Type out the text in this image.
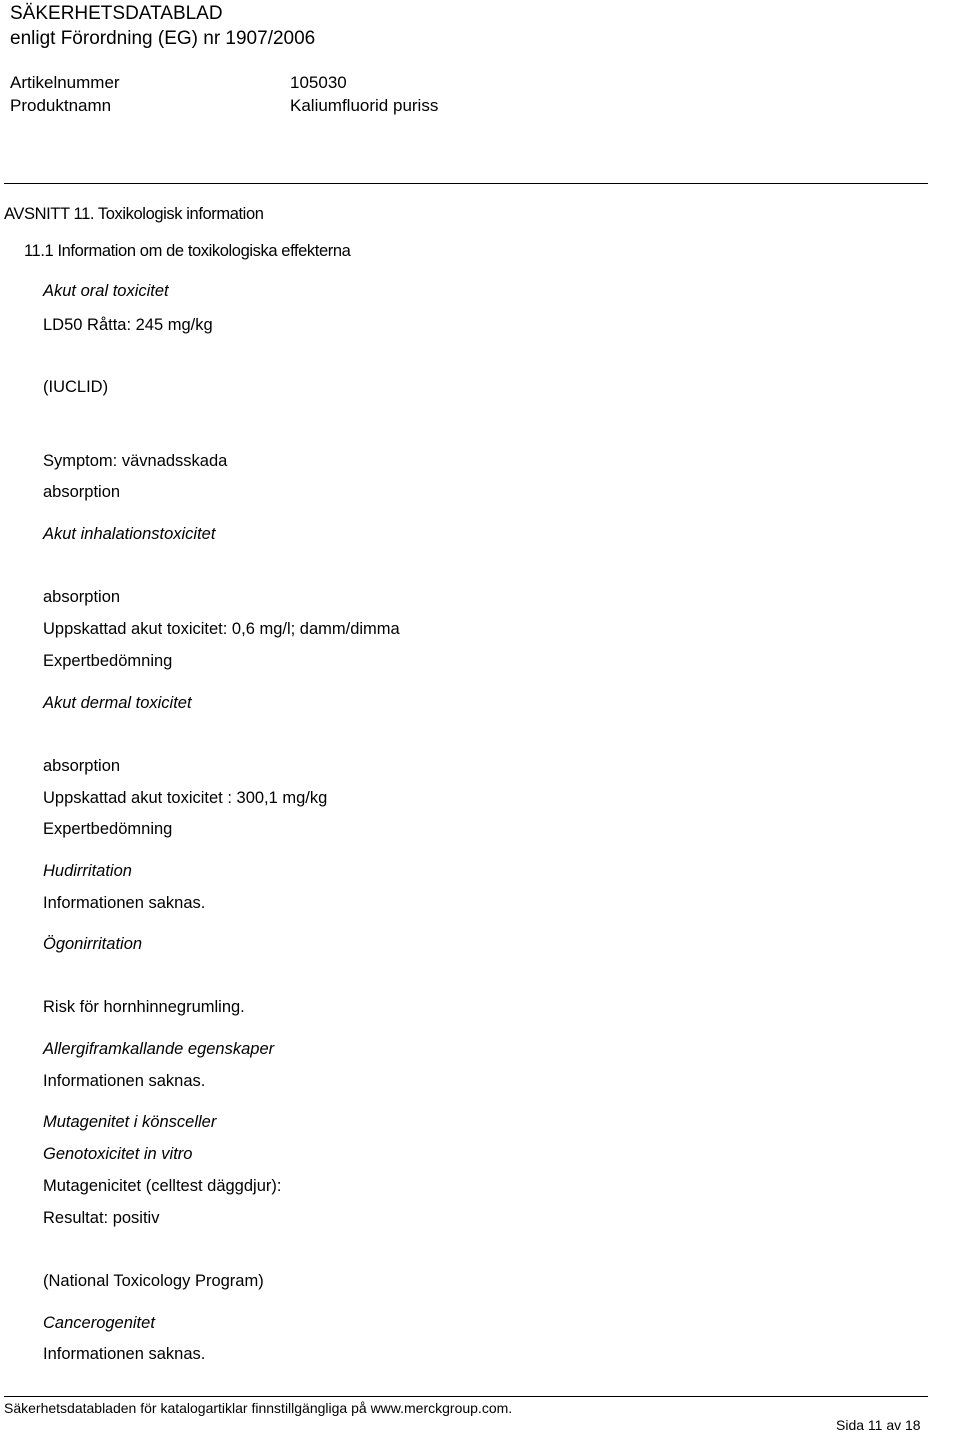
SÄKERHETSDATABLAD
enligt Förordning (EG) nr 1907/2006
Artikelnummer	105030
Produktnamn	Kaliumfluorid puriss
AVSNITT 11. Toxikologisk information
11.1 Information om de toxikologiska effekterna
Akut oral toxicitet
LD50 Råtta: 245 mg/kg
(IUCLID)
Symptom: vävnadsskada
absorption
Akut inhalationstoxicitet
absorption
Uppskattad akut toxicitet: 0,6 mg/l; damm/dimma
Expertbedömning
Akut dermal toxicitet
absorption
Uppskattad akut toxicitet : 300,1 mg/kg
Expertbedömning
Hudirritation
Informationen saknas.
Ögonirritation
Risk för hornhinnegrumling.
Allergiframkallande egenskaper
Informationen saknas.
Mutagenitet i könsceller
Genotoxicitet in vitro
Mutagenicitet (celltest däggdjur):
Resultat: positiv
(National Toxicology Program)
Cancerogenitet
Informationen saknas.
Säkerhetsdatabladen för katalogartiklar finnstillgängliga på www.merckgroup.com.
Sida 11 av 18
